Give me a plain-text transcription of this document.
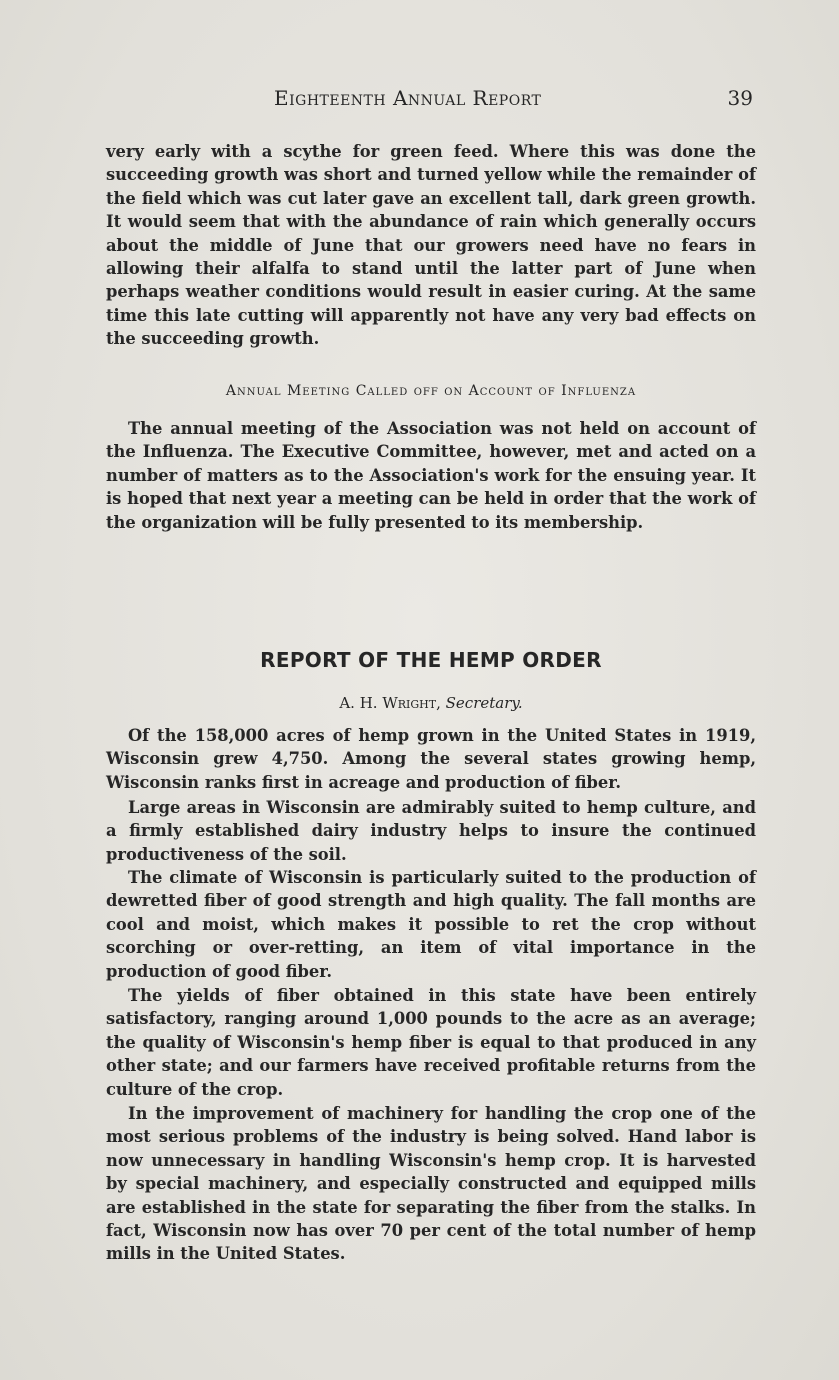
Eighteenth Annual Report	39

very early with a scythe for green feed. Where this was done the succeeding growth was short and turned yellow while the remainder of the field which was cut later gave an excellent tall, dark green growth. It would seem that with the abundance of rain which generally occurs about the middle of June that our growers need have no fears in allowing their alfalfa to stand until the latter part of June when perhaps weather conditions would result in easier curing. At the same time this late cutting will apparently not have any very bad effects on the succeeding growth.

Annual Meeting Called off on Account of Influenza

The annual meeting of the Association was not held on account of the Influenza. The Executive Committee, however, met and acted on a number of matters as to the Association's work for the ensuing year. It is hoped that next year a meeting can be held in order that the work of the organization will be fully presented to its membership.

REPORT OF THE HEMP ORDER
A. H. Wright, Secretary.

Of the 158,000 acres of hemp grown in the United States in 1919, Wisconsin grew 4,750. Among the several states growing hemp, Wisconsin ranks first in acreage and production of fiber.

Large areas in Wisconsin are admirably suited to hemp culture, and a firmly established dairy industry helps to insure the continued productiveness of the soil.

The climate of Wisconsin is particularly suited to the production of dewretted fiber of good strength and high quality. The fall months are cool and moist, which makes it possible to ret the crop without scorching or over-retting, an item of vital importance in the production of good fiber.

The yields of fiber obtained in this state have been entirely satisfactory, ranging around 1,000 pounds to the acre as an average; the quality of Wisconsin's hemp fiber is equal to that produced in any other state; and our farmers have received profitable returns from the culture of the crop.

In the improvement of machinery for handling the crop one of the most serious problems of the industry is being solved. Hand labor is now unnecessary in handling Wisconsin's hemp crop. It is harvested by special machinery, and especially constructed and equipped mills are established in the state for separating the fiber from the stalks. In fact, Wisconsin now has over 70 per cent of the total number of hemp mills in the United States.
